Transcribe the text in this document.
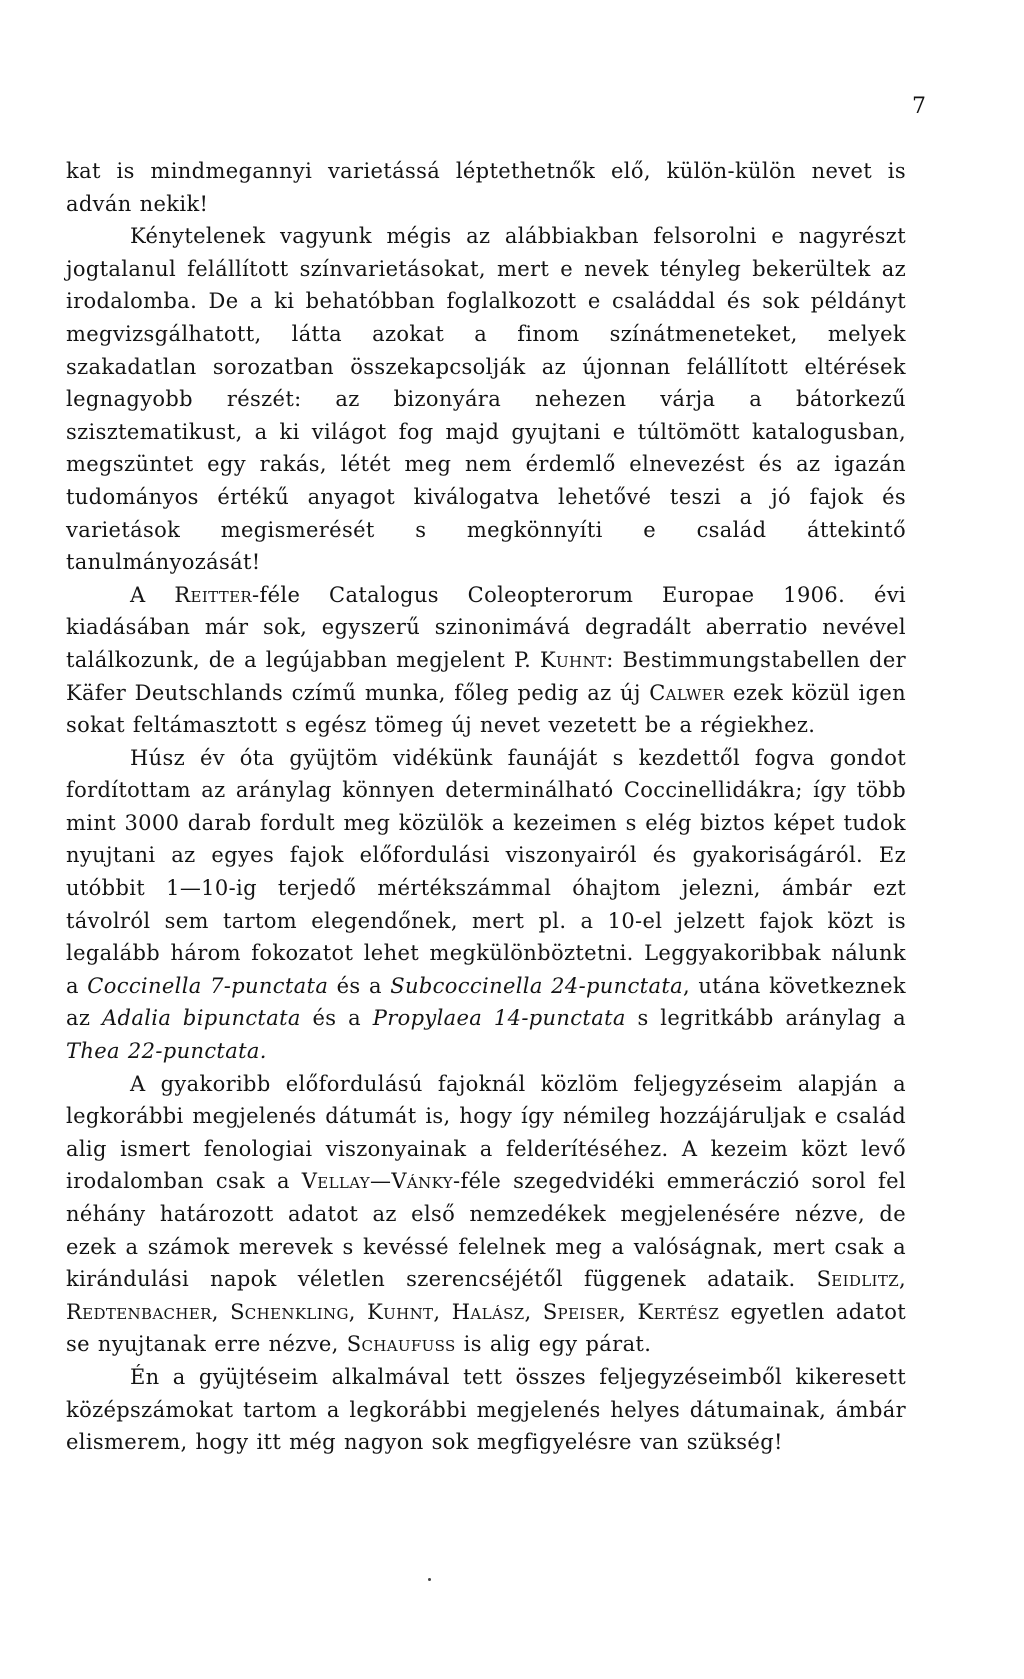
7

kat is mindmegannyi varietássá léptethetnők elő, külön-külön nevet is adván nekik!

Kénytelenek vagyunk mégis az alábbiakban felsorolni e nagyrészt jogtalanul felállított színvarietásokat, mert e nevek tényleg bekerültek az irodalomba. De a ki behatóbban foglalkozott e családdal és sok példányt megvizsgálhatott, látta azokat a finom színátmeneteket, melyek szakadatlan sorozatban összekapcsolják az újonnan felállított eltérések legnagyobb részét: az bizonyára nehezen várja a bátorkezű szisztematikust, a ki világot fog majd gyujtani e túltömött katalogusban, megszüntet egy rakás, létét meg nem érdemlő elnevezést és az igazán tudományos értékű anyagot kiválogatva lehetővé teszi a jó fajok és varietások megismerését s megkönnyíti e család áttekintő tanulmányozását!

A Reitter-féle Catalogus Coleopterorum Europae 1906. évi kiadásában már sok, egyszerű szinonimává degradált aberratio nevével találkozunk, de a legújabban megjelent P. Kuhnt: Bestimmungstabellen der Käfer Deutschlands czímű munka, főleg pedig az új Calwer ezek közül igen sokat feltámasztott s egész tömeg új nevet vezetett be a régiekhez.

Húsz év óta gyüjtöm vidékünk faunáját s kezdettől fogva gondot fordítottam az aránylag könnyen determinálható Coccinellidákra; így több mint 3000 darab fordult meg közülök a kezeimen s elég biztos képet tudok nyujtani az egyes fajok előfordulási viszonyairól és gyakoriságáról. Ez utóbbit 1—10-ig terjedő mértékszámmal óhajtom jelezni, ámbár ezt távolról sem tartom elegendőnek, mert pl. a 10-el jelzett fajok közt is legalább három fokozatot lehet megkülönböztetni. Leggyakoribbak nálunk a Coccinella 7-punctata és a Subcoccinella 24-punctata, utána következnek az Adalia bipunctata és a Propylaea 14-punctata s legritkább aránylag a Thea 22-punctata.

A gyakoribb előfordulású fajoknál közlöm feljegyzéseim alapján a legkorábbi megjelenés dátumát is, hogy így némileg hozzájáruljak e család alig ismert fenologiai viszonyainak a felderítéséhez. A kezeim közt levő irodalomban csak a Vellay—Vánky-féle szegedvidéki emmeráczió sorol fel néhány határozott adatot az első nemzedékek megjelenésére nézve, de ezek a számok merevek s kevéssé felelnek meg a valóságnak, mert csak a kirándulási napok véletlen szerencséjétől függenek adataik. Seidlitz, Redtenbacher, Schenkling, Kuhnt, Halász, Speiser, Kertész egyetlen adatot se nyujtanak erre nézve, Schaufuss is alig egy párat.

Én a gyüjtéseim alkalmával tett összes feljegyzéseimből kikeresett középszámokat tartom a legkorábbi megjelenés helyes dátumainak, ámbár elismerem, hogy itt még nagyon sok megfigyelésre van szükség!
